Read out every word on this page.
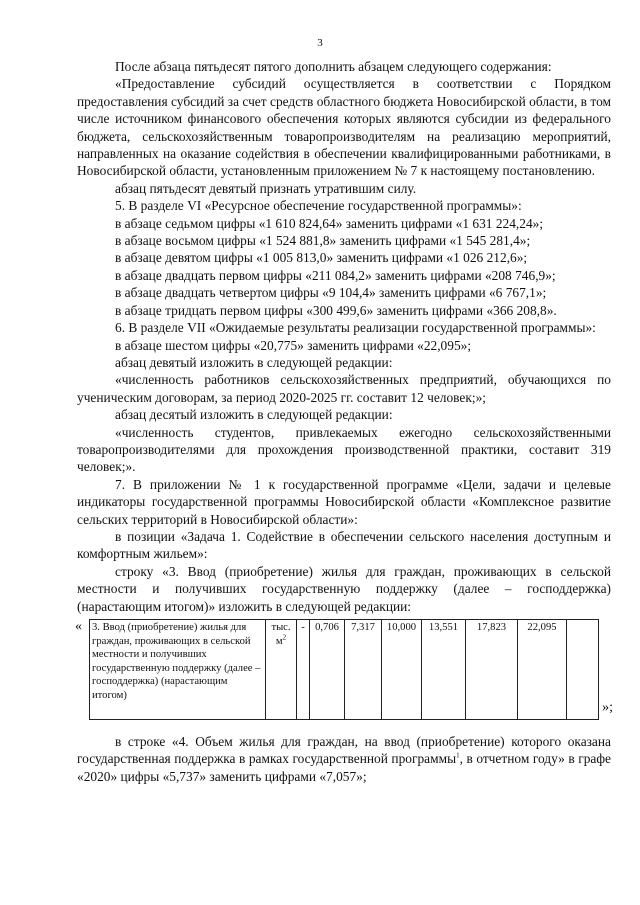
3

После абзаца пятьдесят пятого дополнить абзацем следующего содержания:

«Предоставление субсидий осуществляется в соответствии с Порядком предоставления субсидий за счет средств областного бюджета Новосибирской области, в том числе источником финансового обеспечения которых являются субсидии из федерального бюджета, сельскохозяйственным товаропроизводителям на реализацию мероприятий, направленных на оказание содействия в обеспечении квалифицированными работниками, в Новосибирской области, установленным приложением № 7 к настоящему постановлению.

абзац пятьдесят девятый признать утратившим силу.

5. В разделе VI «Ресурсное обеспечение государственной программы»:

в абзаце седьмом цифры «1 610 824,64» заменить цифрами «1 631 224,24»;

в абзаце восьмом цифры «1 524 881,8» заменить цифрами «1 545 281,4»;

в абзаце девятом цифры «1 005 813,0» заменить цифрами «1 026 212,6»;

в абзаце двадцать первом цифры «211 084,2» заменить цифрами «208 746,9»;

в абзаце двадцать четвертом цифры «9 104,4» заменить цифрами «6 767,1»;

в абзаце тридцать первом цифры «300 499,6» заменить цифрами «366 208,8».

6. В разделе VII «Ожидаемые результаты реализации государственной программы»:

в абзаце шестом цифры «20,775» заменить цифрами «22,095»;

абзац девятый изложить в следующей редакции:

«численность работников сельскохозяйственных предприятий, обучающихся по ученическим договорам, за период 2020-2025 гг. составит 12 человек;»;

абзац десятый изложить в следующей редакции:

«численность студентов, привлекаемых ежегодно сельскохозяйственными товаропроизводителями для прохождения производственной практики, составит 319 человек;».

7. В приложении № 1 к государственной программе «Цели, задачи и целевые индикаторы государственной программы Новосибирской области «Комплексное развитие сельских территорий в Новосибирской области»:

в позиции «Задача 1. Содействие в обеспечении сельского населения доступным и комфортным жильем»:

строку «3. Ввод (приобретение) жилья для граждан, проживающих в сельской местности и получивших государственную поддержку (далее – господдержка) (нарастающим итогом)» изложить в следующей редакции:

« 3. Ввод (приобретение) жилья для граждан, проживающих в сельской местности и получивших государственную поддержку (далее – господдержка) (нарастающим итогом)	тыс. $м^2$	-	0,706	7,317	10,000	13,551	17,823	22,095	
»;

в строке «4. Объем жилья для граждан, на ввод (приобретение) которого оказана государственная поддержка в рамках государственной программы$^1$, в отчетном году» в графе «2020» цифры «5,737» заменить цифрами «7,057»;
